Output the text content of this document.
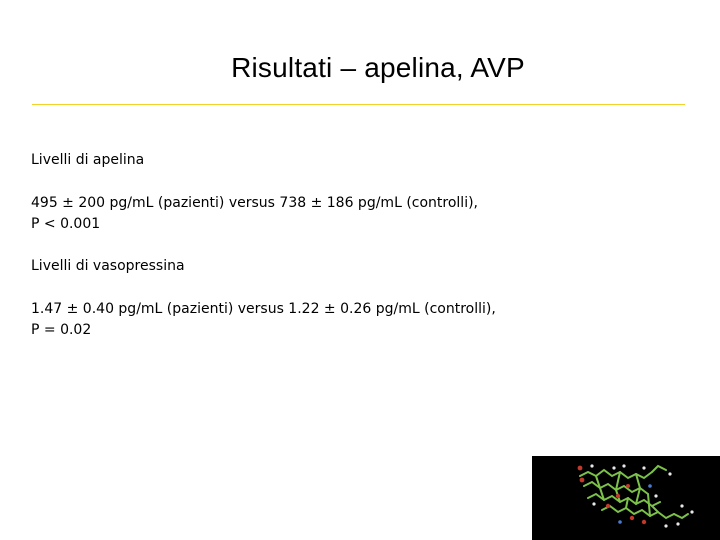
Risultati – apelina, AVP

Livelli di apelina

495 ± 200 pg/mL (pazienti) versus 738 ± 186 pg/mL (controlli),

P < 0.001

Livelli di vasopressina

1.47 ± 0.40 pg/mL (pazienti) versus 1.22 ± 0.26 pg/mL (controlli),

P = 0.02
